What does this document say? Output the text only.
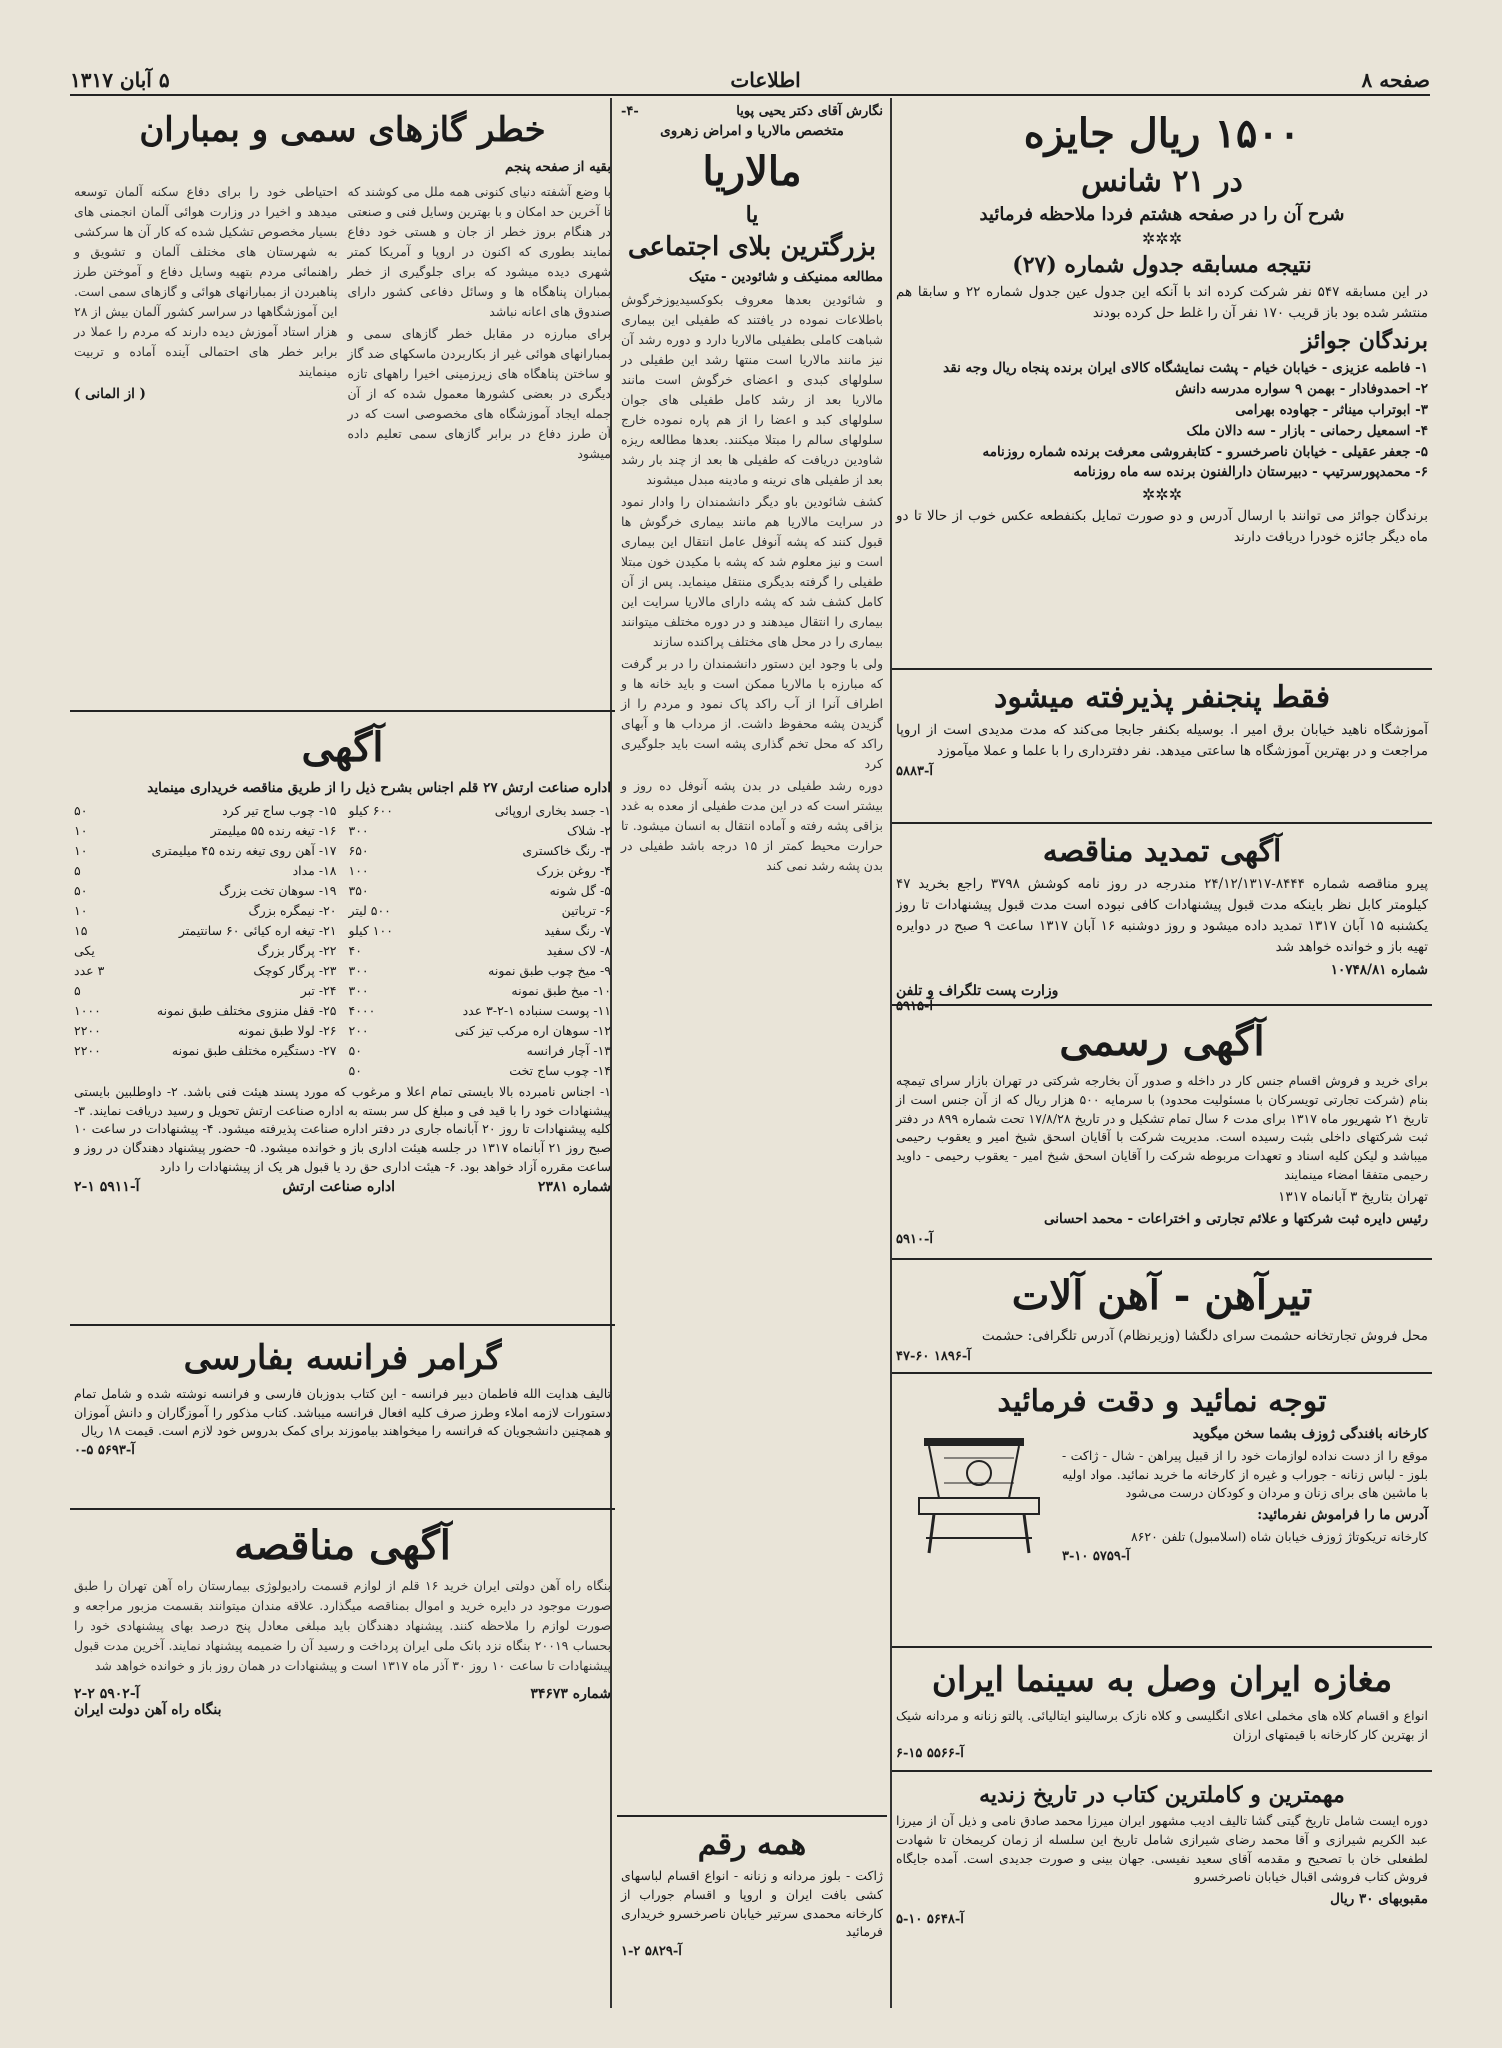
صفحه ۸
اطلاعات
۵ آبان ۱۳۱۷
۱۵۰۰ ریال جایزه
در ۲۱ شانس
شرح آن را در صفحه هشتم فردا ملاحظه فرمائید
✲✲✲
نتیجه مسابقه جدول شماره (۲۷)
در این مسابقه ۵۴۷ نفر شرکت کرده اند با آنکه این جدول عین جدول شماره ۲۲ و سابقا هم منتشر شده بود باز قریب ۱۷۰ نفر آن را غلط حل کرده بودند
برندگان جوائز
۱- فاطمه عزیزی - خیابان خیام - پشت نمایشگاه کالای ایران برنده پنجاه ریال وجه نقد
۲- احمدوفادار - بهمن ۹ سواره مدرسه دانش
۳- ابوتراب میناثر - جهاوده بهرامی
۴- اسمعیل رحمانی - بازار - سه دالان ملک
۵- جعفر عقیلی - خیابان ناصرخسرو - کتابفروشی معرفت برنده شماره روزنامه
۶- محمدپورسرتیپ - دبیرستان دارالفنون برنده سه ماه روزنامه
✲✲✲
برندگان جوائز می توانند با ارسال آدرس و دو صورت تمایل بکنفطعه عکس خوب از حالا تا دو ماه دیگر جائزه خودرا دریافت دارند
فقط پنجنفر پذیرفته میشود
آموزشگاه ناهید خیابان برق امیر ا. بوسیله بکنفر جابجا می‌کند که مدت مدیدی است از اروپا مراجعت و در بهترین آموزشگاه ها ساعتی میدهد. نفر دفترداری را با علما و عملا میآموزد
آ-۵۸۸۳
آگهی تمدید مناقصه
پیرو مناقصه شماره ۸۴۴۴-۲۴/۱۲/۱۳۱۷ مندرجه در روز نامه کوشش ۳۷۹۸ راجع بخرید ۴۷ کیلومتر کابل نظر باینکه مدت قبول پیشنهادات کافی نبوده است مدت قبول پیشنهادات تا روز یکشنبه ۱۵ آبان ۱۳۱۷ تمدید داده میشود و روز دوشنبه ۱۶ آبان ۱۳۱۷ ساعت ۹ صبح در دوایره تهیه باز و خوانده خواهد شد
شماره ۱۰۷۴۸/۸۱
وزارت پست تلگراف و تلفن
آ-۵۹۱۵
آگهی رسمی
برای خرید و فروش اقسام جنس کار در داخله و صدور آن بخارجه شرکتی در تهران بازار سرای تیمچه بنام (شرکت تجارتی تویسرکان با مسئولیت محدود) با سرمایه ۵۰۰ هزار ریال که از آن جنس است از تاریخ ۲۱ شهریور ماه ۱۳۱۷ برای مدت ۶ سال تمام تشکیل و در تاریخ ۱۷/۸/۲۸ تحت شماره ۸۹۹ در دفتر ثبت شرکتهای داخلی بثبت رسیده است. مدیریت شرکت با آقایان اسحق شیخ امیر و یعقوب رحیمی میباشد و لیکن کلیه اسناد و تعهدات مربوطه شرکت را آقایان اسحق شیخ امیر - یعقوب رحیمی - داوید رحیمی متفقا امضاء مینمایند
تهران بتاریخ ۳ آبانماه ۱۳۱۷
رئیس دایره ثبت شرکتها و علائم تجارتی و اختراعات - محمد احسانی
آ-۵۹۱۰
تیرآهن - آهن آلات
محل فروش تجارتخانه حشمت سرای دلگشا (وزیرنظام) آدرس تلگرافی: حشمت
آ-۱۸۹۶ ۶۰-۴۷
توجه نمائید و دقت فرمائید
کارخانه بافندگی ژوزف بشما سخن میگوید
موقع را از دست نداده لوازمات خود را از قبیل پیراهن - شال - ژاکت - بلوز - لباس زنانه - جوراب و غیره از کارخانه ما خرید نمائید. مواد اولیه با ماشین های برای زنان و مردان و کودکان درست می‌شود
آدرس ما را فراموش نفرمائید:
کارخانه تریکوتاژ ژوزف خیابان شاه (اسلامبول) تلفن ۸۶۲۰
آ-۵۷۵۹ ۱۰-۳
مغازه ایران وصل به سینما ایران
انواع و اقسام کلاه های مخملی اعلای انگلیسی و کلاه نازک برسالینو ایتالیائی. پالتو زنانه و مردانه شیک از بهترین کار کارخانه با قیمتهای ارزان
آ-۵۵۶۶ ۱۵-۶
مهمترین و کاملترین کتاب در تاریخ زندیه
دوره ایست شامل تاریخ گیتی گشا تالیف ادیب مشهور ایران میرزا محمد صادق نامی و ذیل آن از میرزا عبد الکریم شیرازی و آقا محمد رضای شیرازی شامل تاریخ این سلسله از زمان کریمخان تا شهادت لطفعلی خان با تصحیح و مقدمه آقای سعید نفیسی. جهان بینی و صورت جدیدی است. آمده جایگاه فروش کتاب فروشی اقبال خیابان ناصرخسرو
مقبوبهای ۳۰ ریال
آ-۵۶۴۸ ۱۰-۵
نگارش آقای دکتر یحیی پویا
-۴-
متخصص مالاریا و امراض زهروی
مالاریا
یا
بزرگترین بلای اجتماعی
مطالعه ممنیکف و شائودین - متیک
و شائودین بعدها معروف بکوکسیدیوزخرگوش باطلاعات نموده در یافتند که طفیلی این بیماری شباهت کاملی بطفیلی مالاریا دارد و دوره رشد آن نیز مانند مالاریا است منتها رشد این طفیلی در سلولهای کبدی و اعضای خرگوش است مانند مالاریا بعد از رشد کامل طفیلی های جوان سلولهای کبد و اعضا را از هم پاره نموده خارج سلولهای سالم را مبتلا میکنند. بعدها مطالعه ریزه شاودین دریافت که طفیلی ها بعد از چند بار رشد بعد از طفیلی های نرینه و مادینه مبدل میشوند
کشف شائودین باو دیگر دانشمندان را وادار نمود در سرایت مالاریا هم مانند بیماری خرگوش ها قبول کنند که پشه آنوفل عامل انتقال این بیماری است و نیز معلوم شد که پشه با مکیدن خون مبتلا طفیلی را گرفته بدیگری منتقل مینماید. پس از آن کامل کشف شد که پشه دارای مالاریا سرایت این بیماری را انتقال میدهند و در دوره مختلف میتوانند بیماری را در محل های مختلف پراکنده سازند
ولی با وجود این دستور دانشمندان را در بر گرفت که مبارزه با مالاریا ممکن است و باید خانه ها و اطراف آنرا از آب راکد پاک نمود و مردم را از گزیدن پشه محفوظ داشت. از مرداب ها و آبهای راکد که محل تخم گذاری پشه است باید جلوگیری کرد
دوره رشد طفیلی در بدن پشه آنوفل ده روز و بیشتر است که در این مدت طفیلی از معده به غدد بزاقی پشه رفته و آماده انتقال به انسان میشود. تا حرارت محیط کمتر از ۱۵ درجه باشد طفیلی در بدن پشه رشد نمی کند
همه رقم
ژاکت - بلوز مردانه و زنانه - انواع اقسام لباسهای کشی بافت ایران و اروپا و اقسام جوراب از کارخانه محمدی سرتیر خیابان ناصرخسرو خریداری فرمائید
آ-۵۸۲۹ ۲-۱
خطر گازهای سمی و بمباران
بقیه از صفحه پنجم
با وضع آشفته دنیای کنونی همه ملل می کوشند که تا آخرین حد امکان و با بهترین وسایل فنی و صنعتی در هنگام بروز خطر از جان و هستی خود دفاع نمایند بطوری که اکنون در اروپا و آمریکا کمتر شهری دیده میشود که برای جلوگیری از خطر بمباران پناهگاه ها و وسائل دفاعی کشور دارای صندوق های اعانه نباشد
برای مبارزه در مقابل خطر گازهای سمی و بمبارانهای هوائی غیر از بکاربردن ماسکهای ضد گاز و ساختن پناهگاه های زیرزمینی اخیرا راههای تازه دیگری در بعضی کشورها معمول شده که از آن جمله ایجاد آموزشگاه های مخصوصی است که در آن طرز دفاع در برابر گازهای سمی تعلیم داده میشود
احتیاطی خود را برای دفاع سکنه آلمان توسعه میدهد و اخیرا در وزارت هوائی آلمان انجمنی های بسیار مخصوص تشکیل شده که کار آن ها سرکشی به شهرستان های مختلف آلمان و تشویق و راهنمائی مردم بتهیه وسایل دفاع و آموختن طرز پناهبردن از بمبارانهای هوائی و گازهای سمی است. این آموزشگاهها در سراسر کشور آلمان بیش از ۲۸ هزار استاد آموزش دیده دارند که مردم را عملا در برابر خطر های احتمالی آینده آماده و تربیت مینمایند
( از المانی )
آگهی
اداره صناعت ارتش ۲۷ قلم اجناس بشرح ذیل را از طریق مناقصه خریداری مینماید
۱- جسد بخاری اروپائی
۶۰۰ کیلو
۱۵- چوب ساج تیر کرد
۵۰
۲- شلاک
۳۰۰
۱۶- تیغه رنده ۵۵ میلیمتر
۱۰
۳- رنگ خاکستری
۶۵۰
۱۷- آهن روی تیغه رنده ۴۵ میلیمتری
۱۰
۴- روغن بزرک
۱۰۰
۱۸- مداد
۵
۵- گل شونه
۳۵۰
۱۹- سوهان تخت بزرگ
۵۰
۶- ترباتین
۵۰۰ لیتر
۲۰- نیمگره بزرگ
۱۰
۷- رنگ سفید
۱۰۰ کیلو
۲۱- تیغه اره کیائی ۶۰ سانتیمتر
۱۵
۸- لاک سفید
۴۰
۲۲- پرگار بزرگ
یکی
۹- میخ چوب طبق نمونه
۳۰۰
۲۳- پرگار کوچک
۳ عدد
۱۰- میخ طبق نمونه
۳۰۰
۲۴- تبر
۵
۱۱- پوست سنباده ۱-۲-۳ عدد
۴۰۰۰
۲۵- قفل منزوی مختلف طبق نمونه
۱۰۰۰
۱۲- سوهان اره مرکب تیز کنی
۲۰۰
۲۶- لولا طبق نمونه
۲۲۰۰
۱۳- آچار فرانسه
۵۰
۲۷- دستگیره مختلف طبق نمونه
۲۲۰۰
۱۴- چوب ساج تخت
۵۰
۱- اجناس نامبرده بالا بایستی تمام اعلا و مرغوب که مورد پسند هیئت فنی باشد. ۲- داوطلبین بایستی پیشنهادات خود را با قید فی و مبلغ کل سر بسته به اداره صناعت ارتش تحویل و رسید دریافت نمایند. ۳- کلیه پیشنهادات تا روز ۲۰ آبانماه جاری در دفتر اداره صناعت پذیرفته میشود. ۴- پیشنهادات در ساعت ۱۰ صبح روز ۲۱ آبانماه ۱۳۱۷ در جلسه هیئت اداری باز و خوانده میشود. ۵- حضور پیشنهاد دهندگان در روز و ساعت مقرره آزاد خواهد بود. ۶- هیئت اداری حق رد یا قبول هر یک از پیشنهادات را دارد
شماره ۲۳۸۱
اداره صناعت ارتش
آ-۵۹۱۱ ۱-۲
گرامر فرانسه بفارسی
تالیف هدایت الله فاطمان دبیر فرانسه - این کتاب بدوزبان فارسی و فرانسه نوشته شده و شامل تمام دستورات لازمه املاء وطرز صرف کلیه افعال فرانسه میباشد. کتاب مذکور را آموزگاران و دانش آموزان و همچنین دانشجویان که فرانسه را میخواهند بیاموزند برای کمک بدروس خود لازم است. قیمت ۱۸ ریال
آ-۵۶۹۳ ۵-۰
آگهی مناقصه
بنگاه راه آهن دولتی ایران خرید ۱۶ قلم از لوازم قسمت راديولوژی بیمارستان راه آهن تهران را طبق صورت موجود در دایره خرید و اموال بمناقصه میگذارد. علاقه مندان میتوانند بقسمت مزبور مراجعه و صورت لوازم را ملاحظه کنند. پیشنهاد دهندگان باید مبلغی معادل پنج درصد بهای پیشنهادی خود را بحساب ۲۰۰۱۹ بنگاه نزد بانک ملی ایران پرداخت و رسید آن را ضمیمه پیشنهاد نمایند. آخرین مدت قبول پیشنهادات تا ساعت ۱۰ روز ۳۰ آذر ماه ۱۳۱۷ است و پیشنهادات در همان روز باز و خوانده خواهد شد
شماره ۳۴۶۷۳
آ-۵۹۰۲ ۲-۲
بنگاه راه آهن دولت ایران
